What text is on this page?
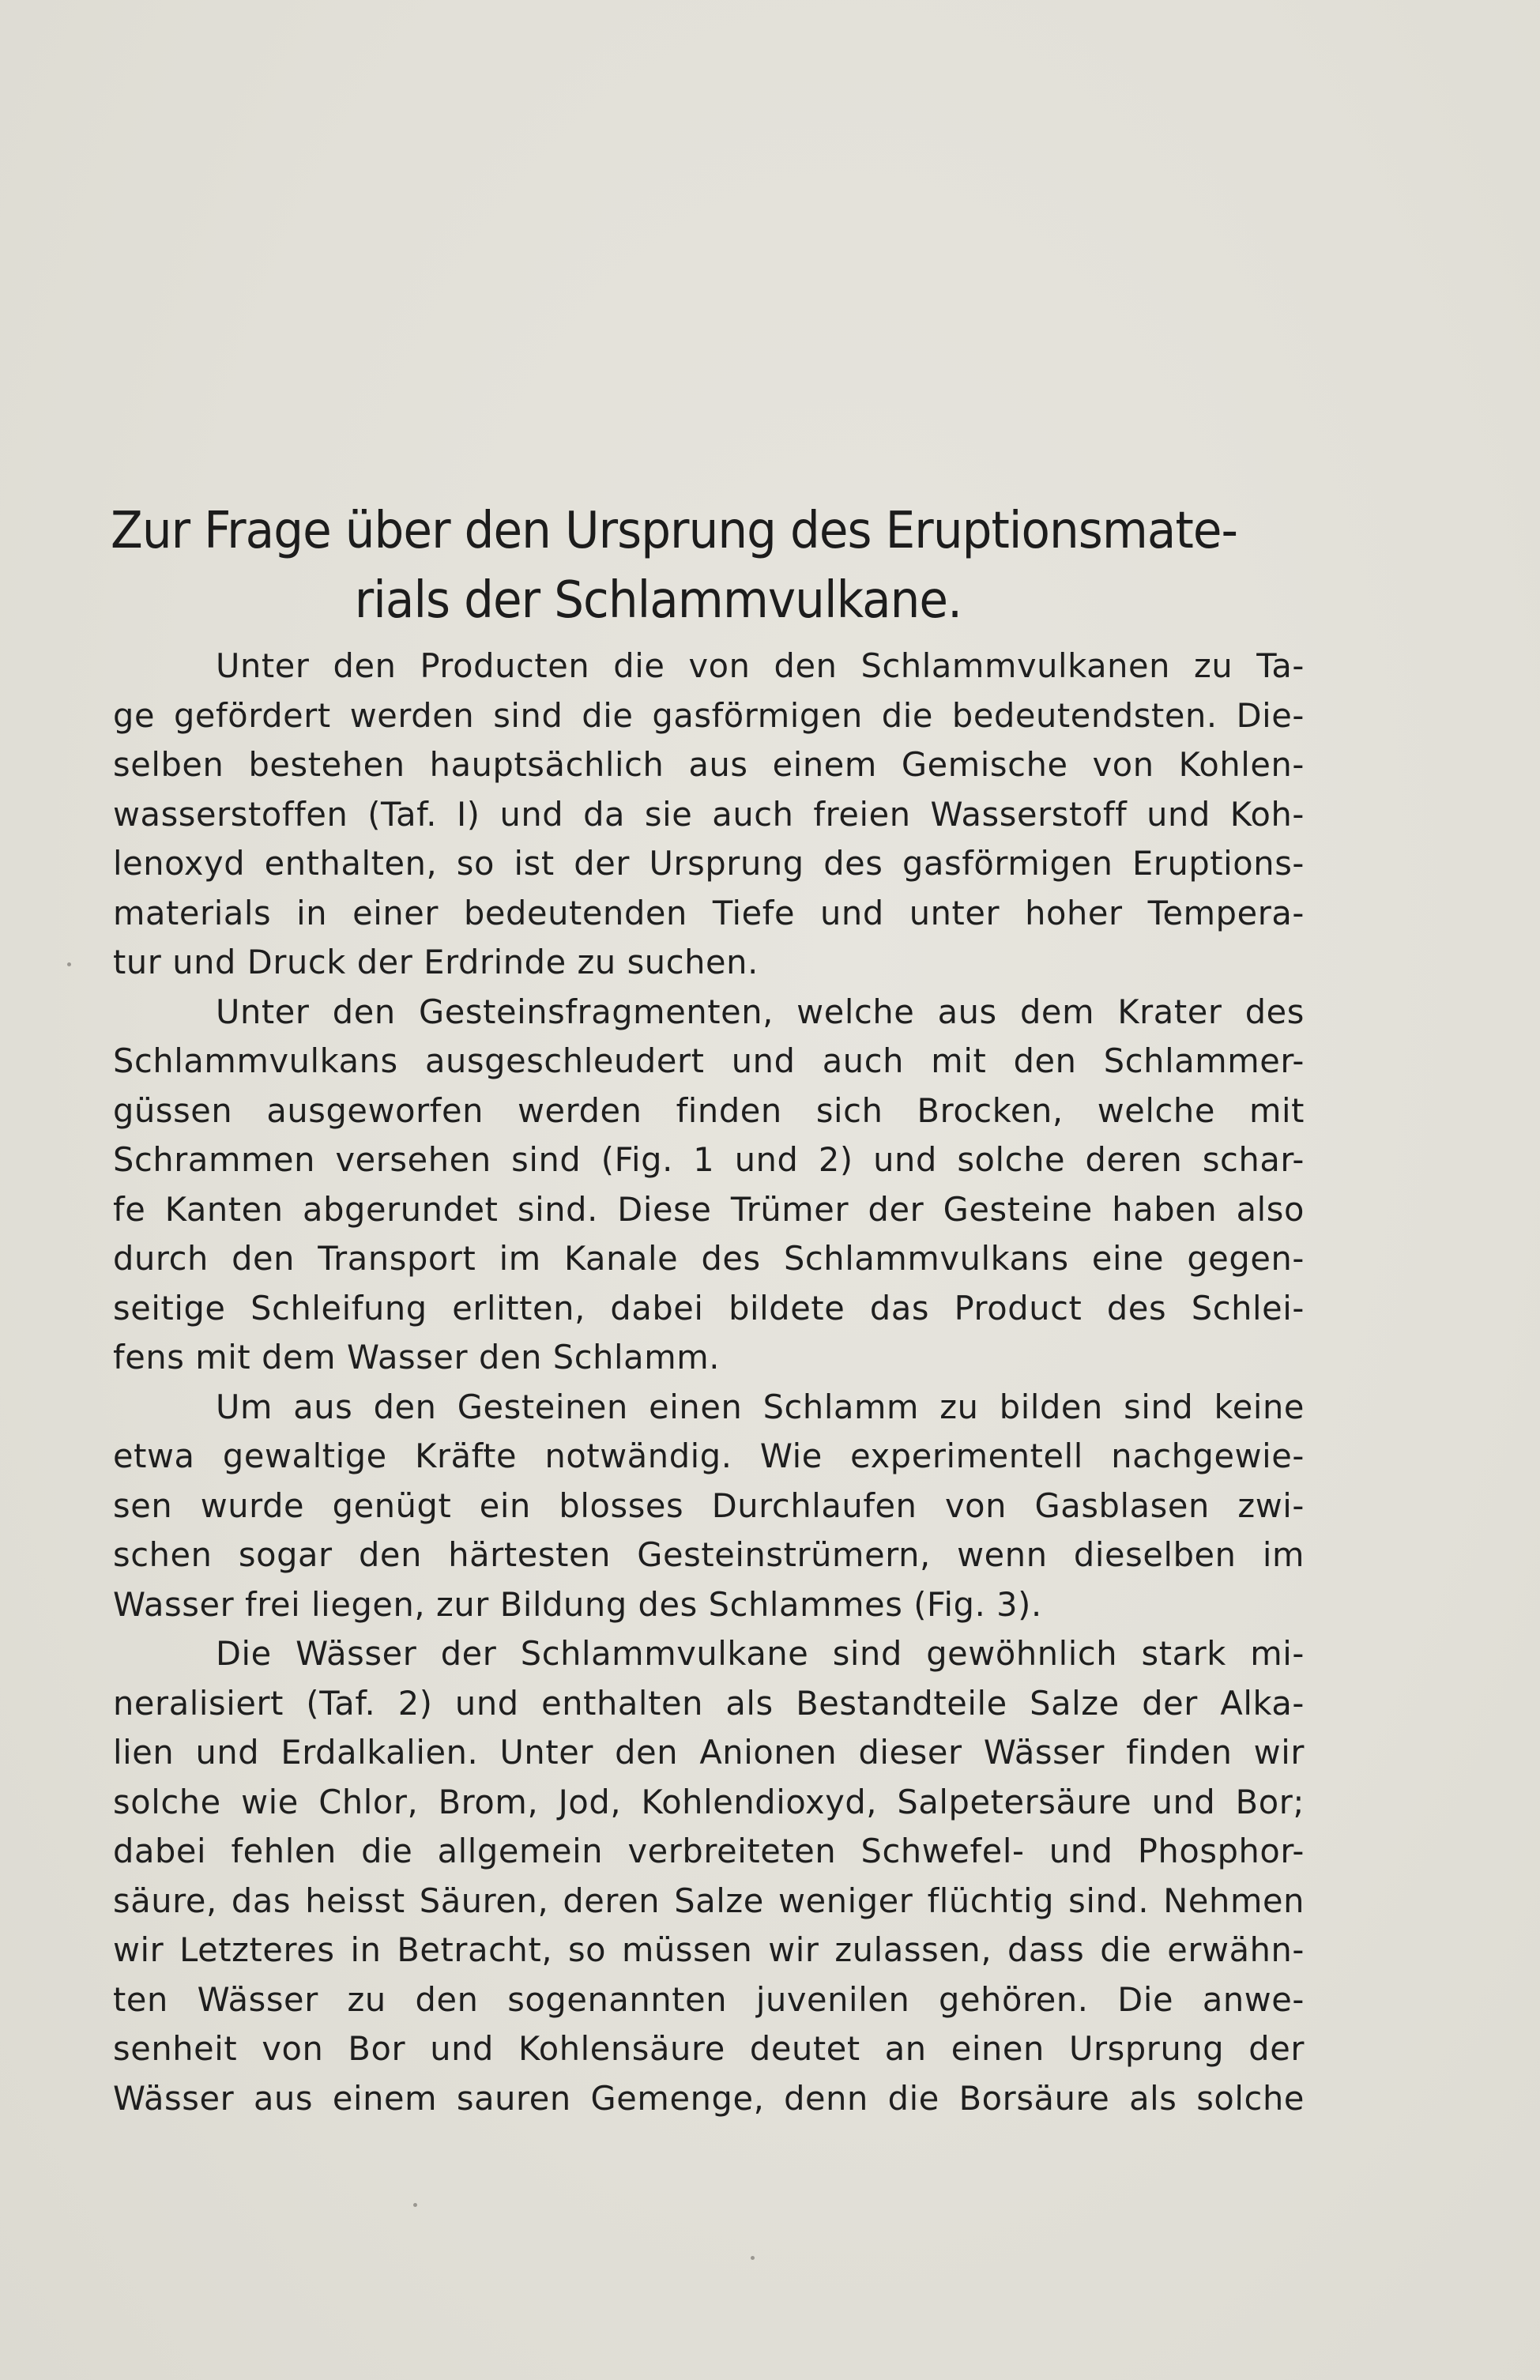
Zur Frage über den Ursprung des Eruptionsmate-
rials der Schlammvulkane.
Unter den Producten die von den Schlammvulkanen zu Ta-
ge gefördert werden sind die gasförmigen die bedeutendsten. Die-
selben bestehen hauptsächlich aus einem Gemische von Kohlen-
wasserstoffen (Taf. I) und da sie auch freien Wasserstoff und Koh-
lenoxyd enthalten, so ist der Ursprung des gasförmigen Eruptions-
materials in einer bedeutenden Tiefe und unter hoher Tempera-
tur und Druck der Erdrinde zu suchen.
Unter den Gesteinsfragmenten, welche aus dem Krater des
Schlammvulkans ausgeschleudert und auch mit den Schlammer-
güssen ausgeworfen werden finden sich Brocken, welche mit
Schrammen versehen sind (Fig. 1 und 2) und solche deren schar-
fe Kanten abgerundet sind. Diese Trümer der Gesteine haben also
durch den Transport im Kanale des Schlammvulkans eine gegen-
seitige Schleifung erlitten, dabei bildete das Product des Schlei-
fens mit dem Wasser den Schlamm.
Um aus den Gesteinen einen Schlamm zu bilden sind keine
etwa gewaltige Kräfte notwändig. Wie experimentell nachgewie-
sen wurde genügt ein blosses Durchlaufen von Gasblasen zwi-
schen sogar den härtesten Gesteinstrümern, wenn dieselben im
Wasser frei liegen, zur Bildung des Schlammes (Fig. 3).
Die Wässer der Schlammvulkane sind gewöhnlich stark mi-
neralisiert (Taf. 2) und enthalten als Bestandteile Salze der Alka-
lien und Erdalkalien. Unter den Anionen dieser Wässer finden wir
solche wie Chlor, Brom, Jod, Kohlendioxyd, Salpetersäure und Bor;
dabei fehlen die allgemein verbreiteten Schwefel- und Phosphor-
säure, das heisst Säuren, deren Salze weniger flüchtig sind. Nehmen
wir Letzteres in Betracht, so müssen wir zulassen, dass die erwähn-
ten Wässer zu den sogenannten juvenilen gehören. Die anwe-
senheit von Bor und Kohlensäure deutet an einen Ursprung der
Wässer aus einem sauren Gemenge, denn die Borsäure als solche
